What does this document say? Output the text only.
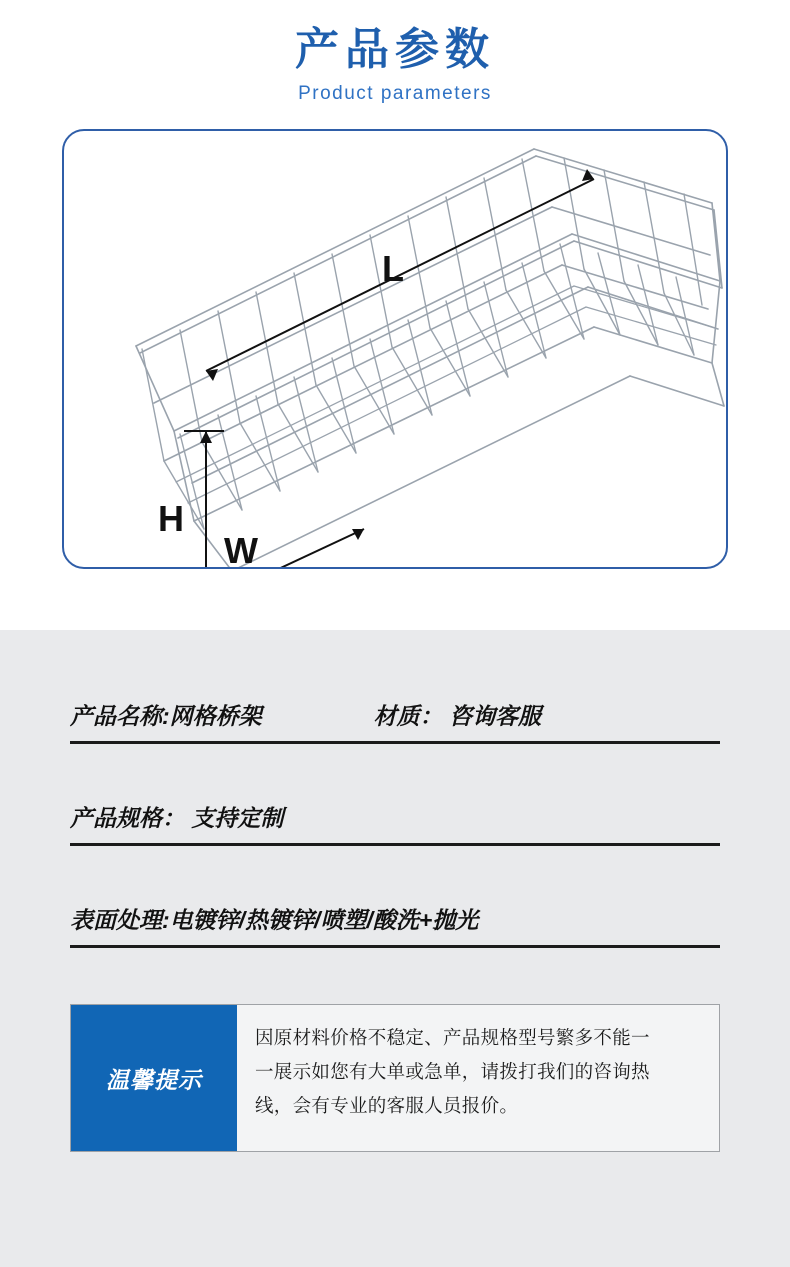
产品参数
Product parameters
L
H
W
产品名称:网格桥架	材质： 咨询客服
产品规格： 支持定制
表面处理:电镀锌/热镀锌/喷塑/酸洗+抛光
温馨提示
因原材料价格不稳定、产品规格型号繁多不能一
一展示如您有大单或急单，请拨打我们的咨询热
线，会有专业的客服人员报价。
